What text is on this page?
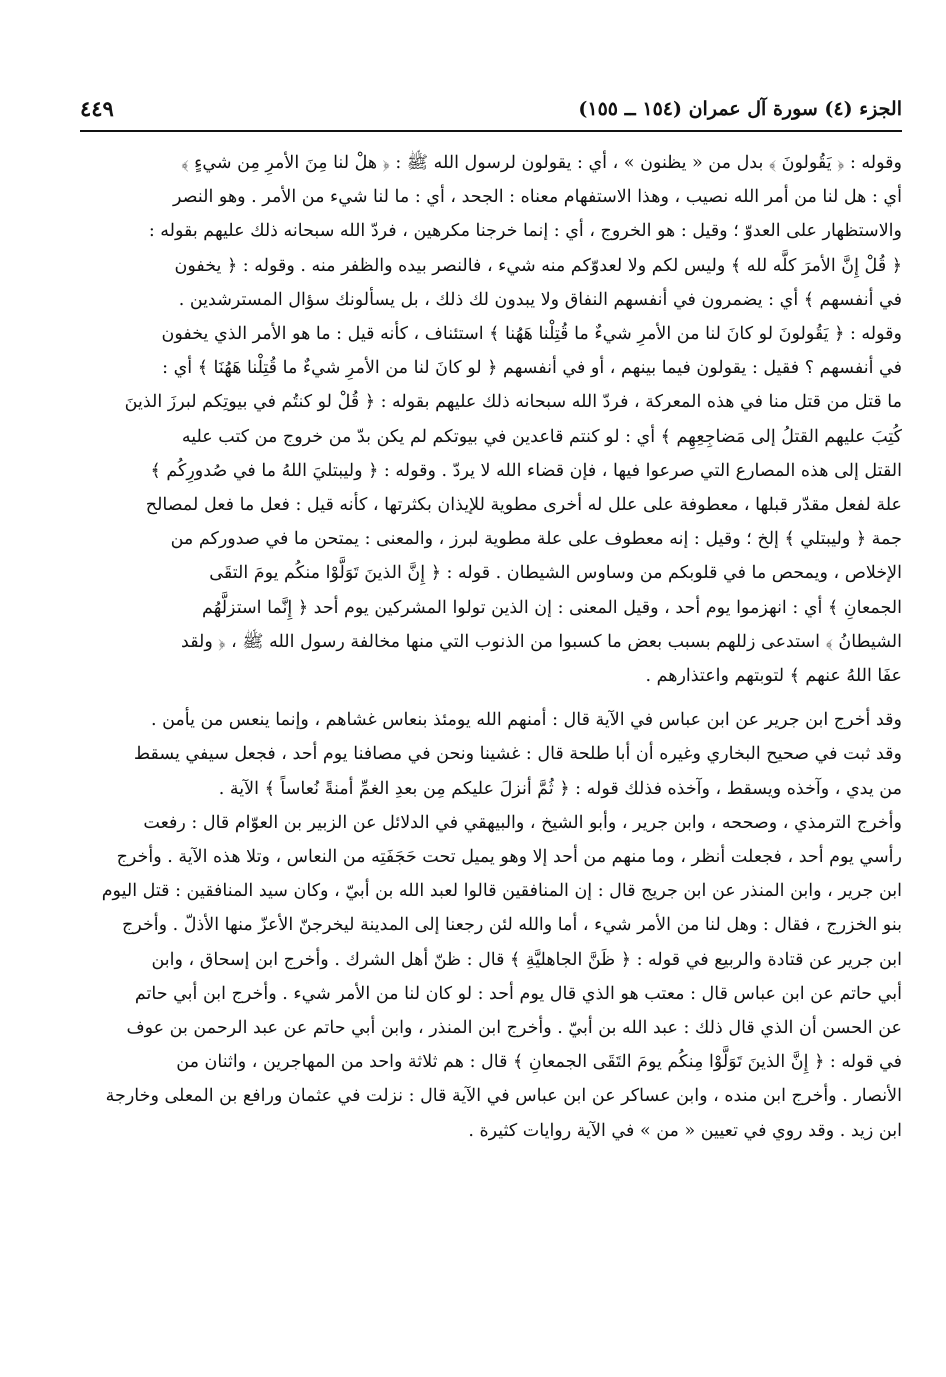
الجزء (٤) سورة آل عمران (١٥٤ ــ ١٥٥)
٤٤٩
وقوله : ﴿ يَقُولونَ ﴾ بدل من « يظنون » ، أي : يقولون لرسول الله ﷺ : ﴿ هلْ لنا مِنَ الأمرِ مِن شيءٍ ﴾
أي : هل لنا من أمر الله نصيب ، وهذا الاستفهام معناه : الجحد ، أي : ما لنا شيء من الأمر . وهو النصر
والاستظهار على العدوّ ؛ وقيل : هو الخروج ، أي : إنما خرجنا مكرهين ، فردّ الله سبحانه ذلك عليهم بقوله :
﴿ قُلْ إِنَّ الأمرَ كلَّه لله ﴾ وليس لكم ولا لعدوّكم منه شيء ، فالنصر بيده والظفر منه . وقوله : ﴿ يخفون
في أنفسهم ﴾ أي : يضمرون في أنفسهم النفاق ولا يبدون لك ذلك ، بل يسألونك سؤال المسترشدين .
وقوله : ﴿ يَقُولونَ لو كانَ لنا من الأمرِ شيءٌ ما قُتِلْنا هَهُنا ﴾ استئناف ، كأنه قيل : ما هو الأمر الذي يخفون
في أنفسهم ؟ فقيل : يقولون فيما بينهم ، أو في أنفسهم ﴿ لو كانَ لنا من الأمرِ شيءٌ ما قُتِلْنا هَهُنَا ﴾ أي :
ما قتل من قتل منا في هذه المعركة ، فردّ الله سبحانه ذلك عليهم بقوله : ﴿ قُلْ لو كنتُم في بيوتِكم لبرزَ الذينَ
كُتِبَ عليهم القتلُ إلى مَضاجِعِهِم ﴾ أي : لو كنتم قاعدين في بيوتكم لم يكن بدّ من خروج من كتب عليه
القتل إلى هذه المصارع التي صرعوا فيها ، فإن قضاء الله لا يردّ . وقوله : ﴿ وليبتليَ اللهُ ما في صُدورِكُم ﴾
علة لفعل مقدّر قبلها ، معطوفة على علل له أخرى مطوية للإيذان بكثرتها ، كأنه قيل : فعل ما فعل لمصالح
جمة ﴿ وليبتلي ﴾ إلخ ؛ وقيل : إنه معطوف على علة مطوية لبرز ، والمعنى : يمتحن ما في صدوركم من
الإخلاص ، ويمحص ما في قلوبكم من وساوس الشيطان . قوله : ﴿ إِنَّ الذينَ تَوَلَّوْا منكُم يومَ التقَى
الجمعانِ ﴾ أي : انهزموا يوم أحد ، وقيل المعنى : إن الذين تولوا المشركين يوم أحد ﴿ إِنَّما استزلَّهُم
الشيطانُ ﴾ استدعى زللهم بسبب بعض ما كسبوا من الذنوب التي منها مخالفة رسول الله ﷺ ، ﴿ ولقد
عفَا اللهُ عنهم ﴾ لتوبتهم واعتذارهم .
وقد أخرج ابن جرير عن ابن عباس في الآية قال : أمنهم الله يومئذ بنعاس غشاهم ، وإنما ينعس من يأمن .
وقد ثبت في صحيح البخاري وغيره أن أبا طلحة قال : غشينا ونحن في مصافنا يوم أحد ، فجعل سيفي يسقط
من يدي ، وآخذه ويسقط ، وآخذه فذلك قوله : ﴿ ثُمَّ أنزلَ عليكم مِن بعدِ الغمِّ أمنةً نُعاساً ﴾ الآية .
وأخرج الترمذي ، وصححه ، وابن جرير ، وأبو الشيخ ، والبيهقي في الدلائل عن الزبير بن العوّام قال : رفعت
رأسي يوم أحد ، فجعلت أنظر ، وما منهم من أحد إلا وهو يميل تحت حَجَفَتِه من النعاس ، وتلا هذه الآية . وأخرج
ابن جرير ، وابن المنذر عن ابن جريج قال : إن المنافقين قالوا لعبد الله بن أبيّ ، وكان سيد المنافقين : قتل اليوم
بنو الخزرج ، فقال : وهل لنا من الأمر شيء ، أما والله لئن رجعنا إلى المدينة ليخرجنّ الأعزّ منها الأذلّ . وأخرج
ابن جرير عن قتادة والربيع في قوله : ﴿ ظَنَّ الجاهليَّةِ ﴾ قال : ظنّ أهل الشرك . وأخرج ابن إسحاق ، وابن
أبي حاتم عن ابن عباس قال : معتب هو الذي قال يوم أحد : لو كان لنا من الأمر شيء . وأخرج ابن أبي حاتم
عن الحسن أن الذي قال ذلك : عبد الله بن أبيّ . وأخرج ابن المنذر ، وابن أبي حاتم عن عبد الرحمن بن عوف
في قوله : ﴿ إِنَّ الذينَ تَوَلَّوْا مِنكُم يومَ التَقَى الجمعانِ ﴾ قال : هم ثلاثة واحد من المهاجرين ، واثنان من
الأنصار . وأخرج ابن منده ، وابن عساكر عن ابن عباس في الآية قال : نزلت في عثمان ورافع بن المعلى وخارجة
ابن زيد . وقد روي في تعيين « من » في الآية روايات كثيرة .
